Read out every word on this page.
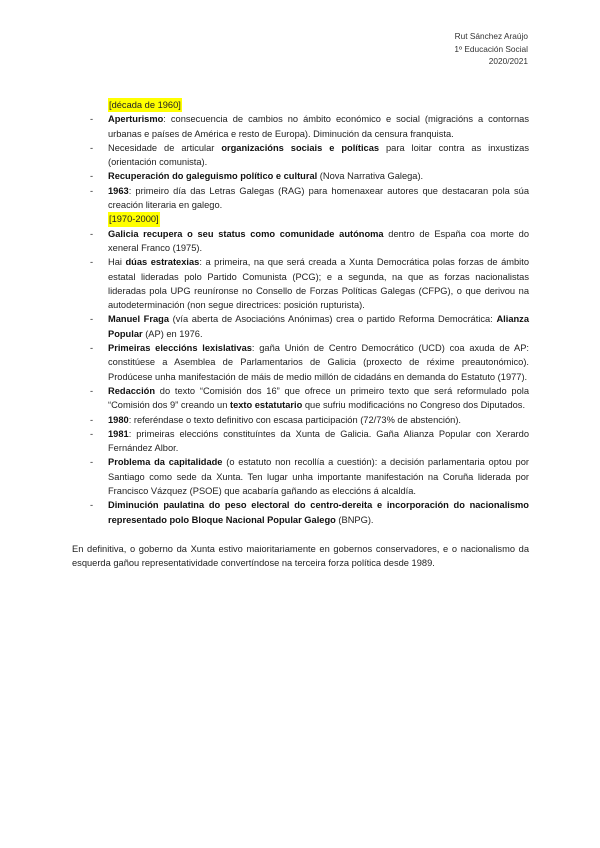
Rut Sánchez Araújo
1º Educación Social
2020/2021
[década de 1960]
- Aperturismo: consecuencia de cambios no ámbito económico e social (migracións a contornas urbanas e países de América e resto de Europa). Diminución da censura franquista.
- Necesidade de articular organizacións sociais e políticas para loitar contra as inxustizas (orientación comunista).
- Recuperación do galeguismo político e cultural (Nova Narrativa Galega).
- 1963: primeiro día das Letras Galegas (RAG) para homenaxear autores que destacaran pola súa creación literaria en galego.
[1970-2000]
- Galicia recupera o seu status como comunidade autónoma dentro de España coa morte do xeneral Franco (1975).
- Hai dúas estratexias: a primeira, na que será creada a Xunta Democrática polas forzas de ámbito estatal lideradas polo Partido Comunista (PCG); e a segunda, na que as forzas nacionalistas lideradas pola UPG reuníronse no Consello de Forzas Políticas Galegas (CFPG), o que derivou na autodeterminación (non segue directrices: posición rupturista).
- Manuel Fraga (vía aberta de Asociacións Anónimas) crea o partido Reforma Democrática: Alianza Popular (AP) en 1976.
- Primeiras eleccións lexislativas: gaña Unión de Centro Democrático (UCD) coa axuda de AP: constitúese a Asemblea de Parlamentarios de Galicia (proxecto de réxime preautonómico). Prodúcese unha manifestación de máis de medio millón de cidadáns en demanda do Estatuto (1977).
- Redacción do texto “Comisión dos 16” que ofrece un primeiro texto que será reformulado pola “Comisión dos 9” creando un texto estatutario que sufriu modificacións no Congreso dos Diputados.
- 1980: referéndase o texto definitivo con escasa participación (72/73% de abstención).
- 1981: primeiras eleccións constituíntes da Xunta de Galicia. Gaña Alianza Popular con Xerardo Fernández Albor.
- Problema da capitalidade (o estatuto non recollía a cuestión): a decisión parlamentaria optou por Santiago como sede da Xunta. Ten lugar unha importante manifestación na Coruña liderada por Francisco Vázquez (PSOE) que acabaría gañando as eleccións á alcaldía.
- Diminución paulatina do peso electoral do centro-dereita e incorporación do nacionalismo representado polo Bloque Nacional Popular Galego (BNPG).

En definitiva, o goberno da Xunta estivo maioritariamente en gobernos conservadores, e o nacionalismo da esquerda gañou representatividade convertíndose na terceira forza política desde 1989.
